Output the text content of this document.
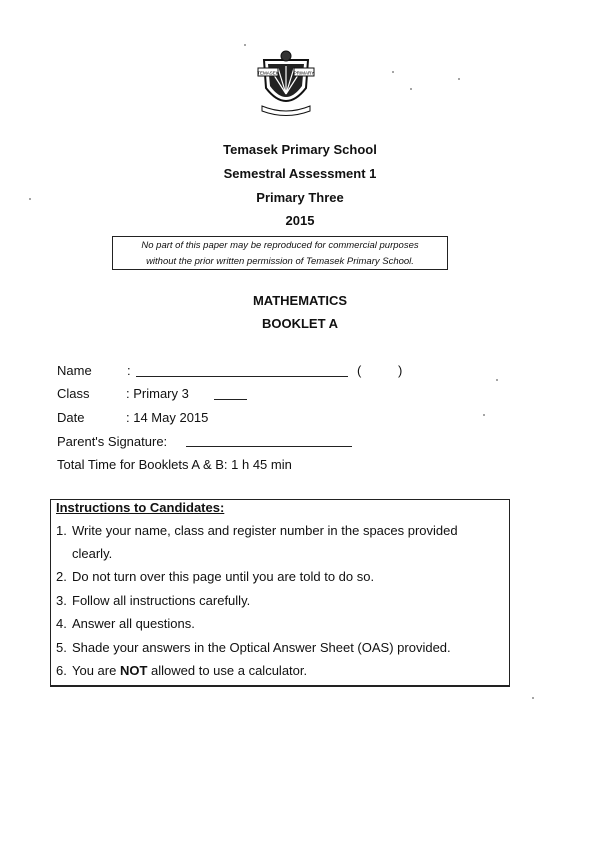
TEMASEK	PRIMARY
Temasek Primary School
Semestral Assessment 1
Primary Three
2015
No part of this paper may be reproduced for commercial purposes
without the prior written permission of Temasek Primary School.
MATHEMATICS
BOOKLET A
Name	:	(	)
Class	: Primary 3
Date	: 14 May 2015
Parent's Signature:
Total Time for Booklets A & B: 1 h 45 min
Instructions to Candidates:
1. Write your name, class and register number in the spaces provided
clearly.
2. Do not turn over this page until you are told to do so.
3. Follow all instructions carefully.
4. Answer all questions.
5. Shade your answers in the Optical Answer Sheet (OAS) provided.
6. You are NOT allowed to use a calculator.
